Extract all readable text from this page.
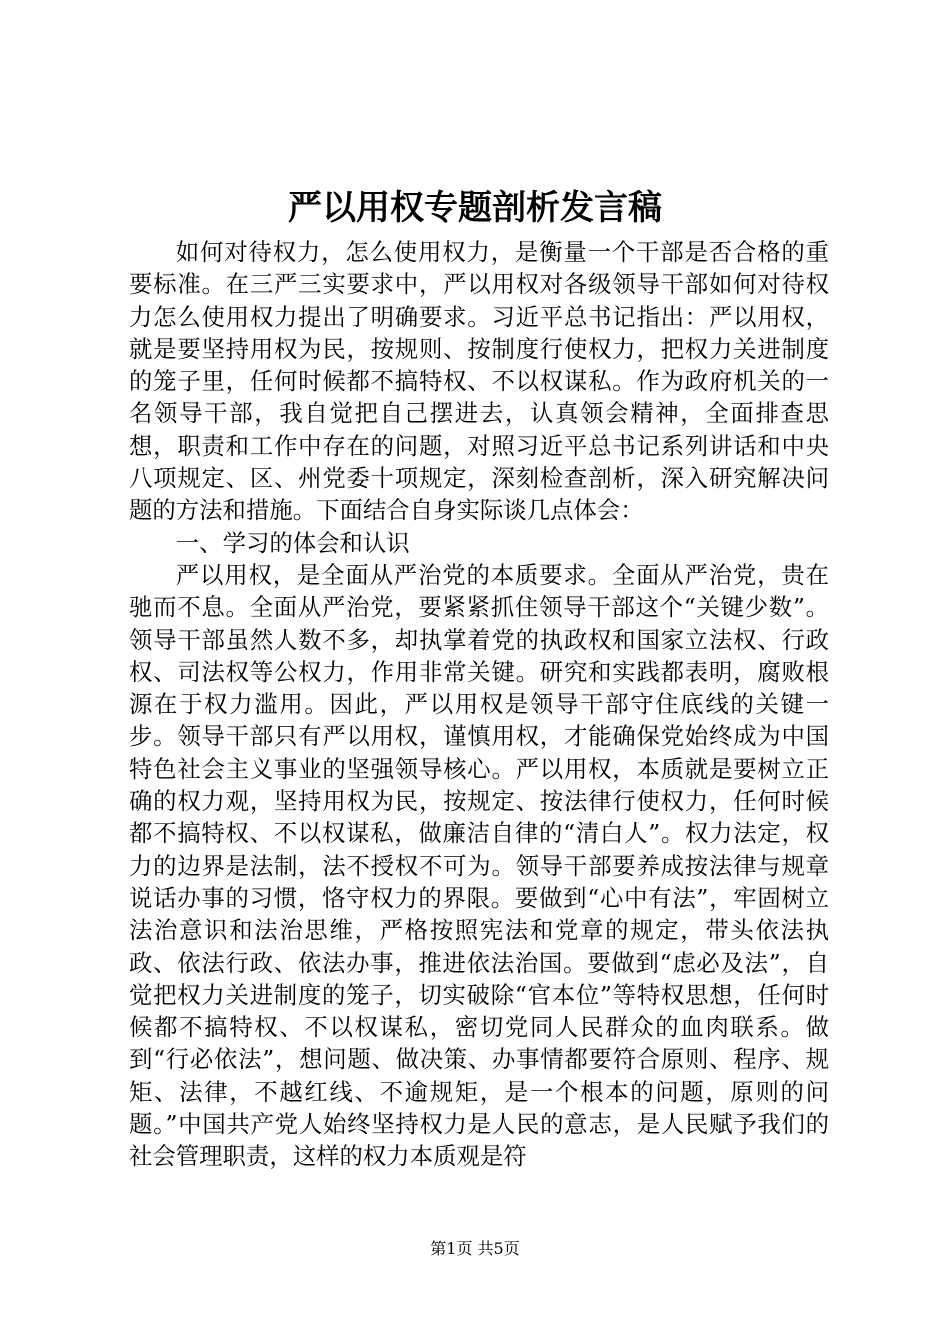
严以用权专题剖析发言稿

如何对待权力，怎么使用权力，是衡量一个干部是否合格的重要标准。在三严三实要求中，严以用权对各级领导干部如何对待权力怎么使用权力提出了明确要求。习近平总书记指出：严以用权，就是要坚持用权为民，按规则、按制度行使权力，把权力关进制度的笼子里，任何时候都不搞特权、不以权谋私。作为政府机关的一名领导干部，我自觉把自己摆进去，认真领会精神，全面排查思想，职责和工作中存在的问题，对照习近平总书记系列讲话和中央八项规定、区、州党委十项规定，深刻检查剖析，深入研究解决问题的方法和措施。下面结合自身实际谈几点体会：

一、学习的体会和认识

严以用权，是全面从严治党的本质要求。全面从严治党，贵在驰而不息。全面从严治党，要紧紧抓住领导干部这个“关键少数”。领导干部虽然人数不多，却执掌着党的执政权和国家立法权、行政权、司法权等公权力，作用非常关键。研究和实践都表明，腐败根源在于权力滥用。因此，严以用权是领导干部守住底线的关键一步。领导干部只有严以用权，谨慎用权，才能确保党始终成为中国特色社会主义事业的坚强领导核心。严以用权，本质就是要树立正确的权力观，坚持用权为民，按规定、按法律行使权力，任何时候都不搞特权、不以权谋私，做廉洁自律的“清白人”。权力法定，权力的边界是法制，法不授权不可为。领导干部要养成按法律与规章说话办事的习惯，恪守权力的界限。要做到“心中有法”，牢固树立法治意识和法治思维，严格按照宪法和党章的规定，带头依法执政、依法行政、依法办事，推进依法治国。要做到“虑必及法”，自觉把权力关进制度的笼子，切实破除“官本位”等特权思想，任何时候都不搞特权、不以权谋私，密切党同人民群众的血肉联系。做到“行必依法”，想问题、做决策、办事情都要符合原则、程序、规矩、法律，不越红线、不逾规矩，是一个根本的问题，原则的问题。”中国共产党人始终坚持权力是人民的意志，是人民赋予我们的社会管理职责，这样的权力本质观是符

第1页 共5页
